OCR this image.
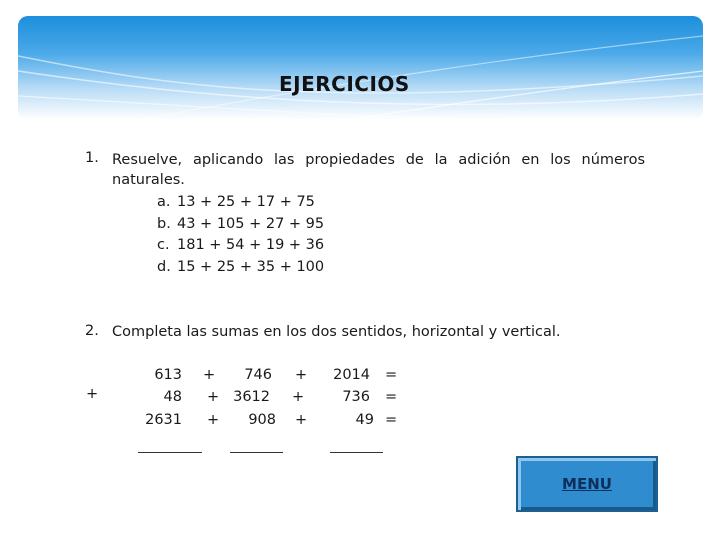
EJERCICIOS
1. Resuelve, aplicando las propiedades de la adición en los números naturales.
a. 13 + 25 + 17 + 75
b. 43 + 105 + 27 + 95
c. 181 + 54 + 19 + 36
d. 15 + 25 + 35 + 100
2. Completa las sumas en los dos sentidos, horizontal y vertical.
+
613 +	746 +	2014 =
48 + 3612 +	736 =
2631 +	908 +	49 =
MENU
